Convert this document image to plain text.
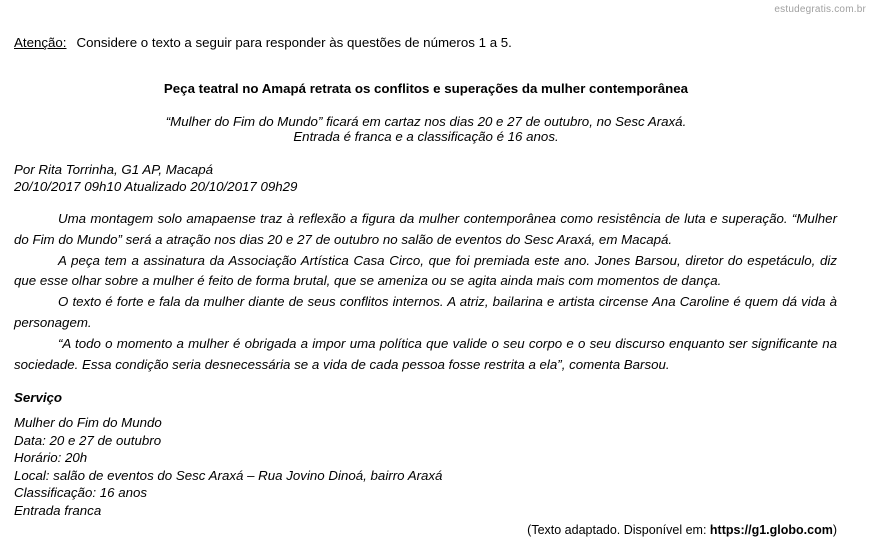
estudegratis.com.br
Atenção: Considere o texto a seguir para responder às questões de números 1 a 5.
Peça teatral no Amapá retrata os conflitos e superações da mulher contemporânea
“Mulher do Fim do Mundo” ficará em cartaz nos dias 20 e 27 de outubro, no Sesc Araxá.
Entrada é franca e a classificação é 16 anos.
Por Rita Torrinha, G1 AP, Macapá
20/10/2017 09h10 Atualizado 20/10/2017 09h29

Uma montagem solo amapaense traz à reflexão a figura da mulher contemporânea como resistência de luta e superação. “Mulher do Fim do Mundo” será a atração nos dias 20 e 27 de outubro no salão de eventos do Sesc Araxá, em Macapá.

A peça tem a assinatura da Associação Artística Casa Circo, que foi premiada este ano. Jones Barsou, diretor do espetáculo, diz que esse olhar sobre a mulher é feito de forma brutal, que se ameniza ou se agita ainda mais com momentos de dança.

O texto é forte e fala da mulher diante de seus conflitos internos. A atriz, bailarina e artista circense Ana Caroline é quem dá vida à personagem.

“A todo o momento a mulher é obrigada a impor uma política que valide o seu corpo e o seu discurso enquanto ser significante na sociedade. Essa condição seria desnecessária se a vida de cada pessoa fosse restrita a ela”, comenta Barsou.

Serviço
Mulher do Fim do Mundo
Data: 20 e 27 de outubro
Horário: 20h
Local: salão de eventos do Sesc Araxá – Rua Jovino Dinoá, bairro Araxá
Classificação: 16 anos
Entrada franca
(Texto adaptado. Disponível em: https://g1.globo.com)
